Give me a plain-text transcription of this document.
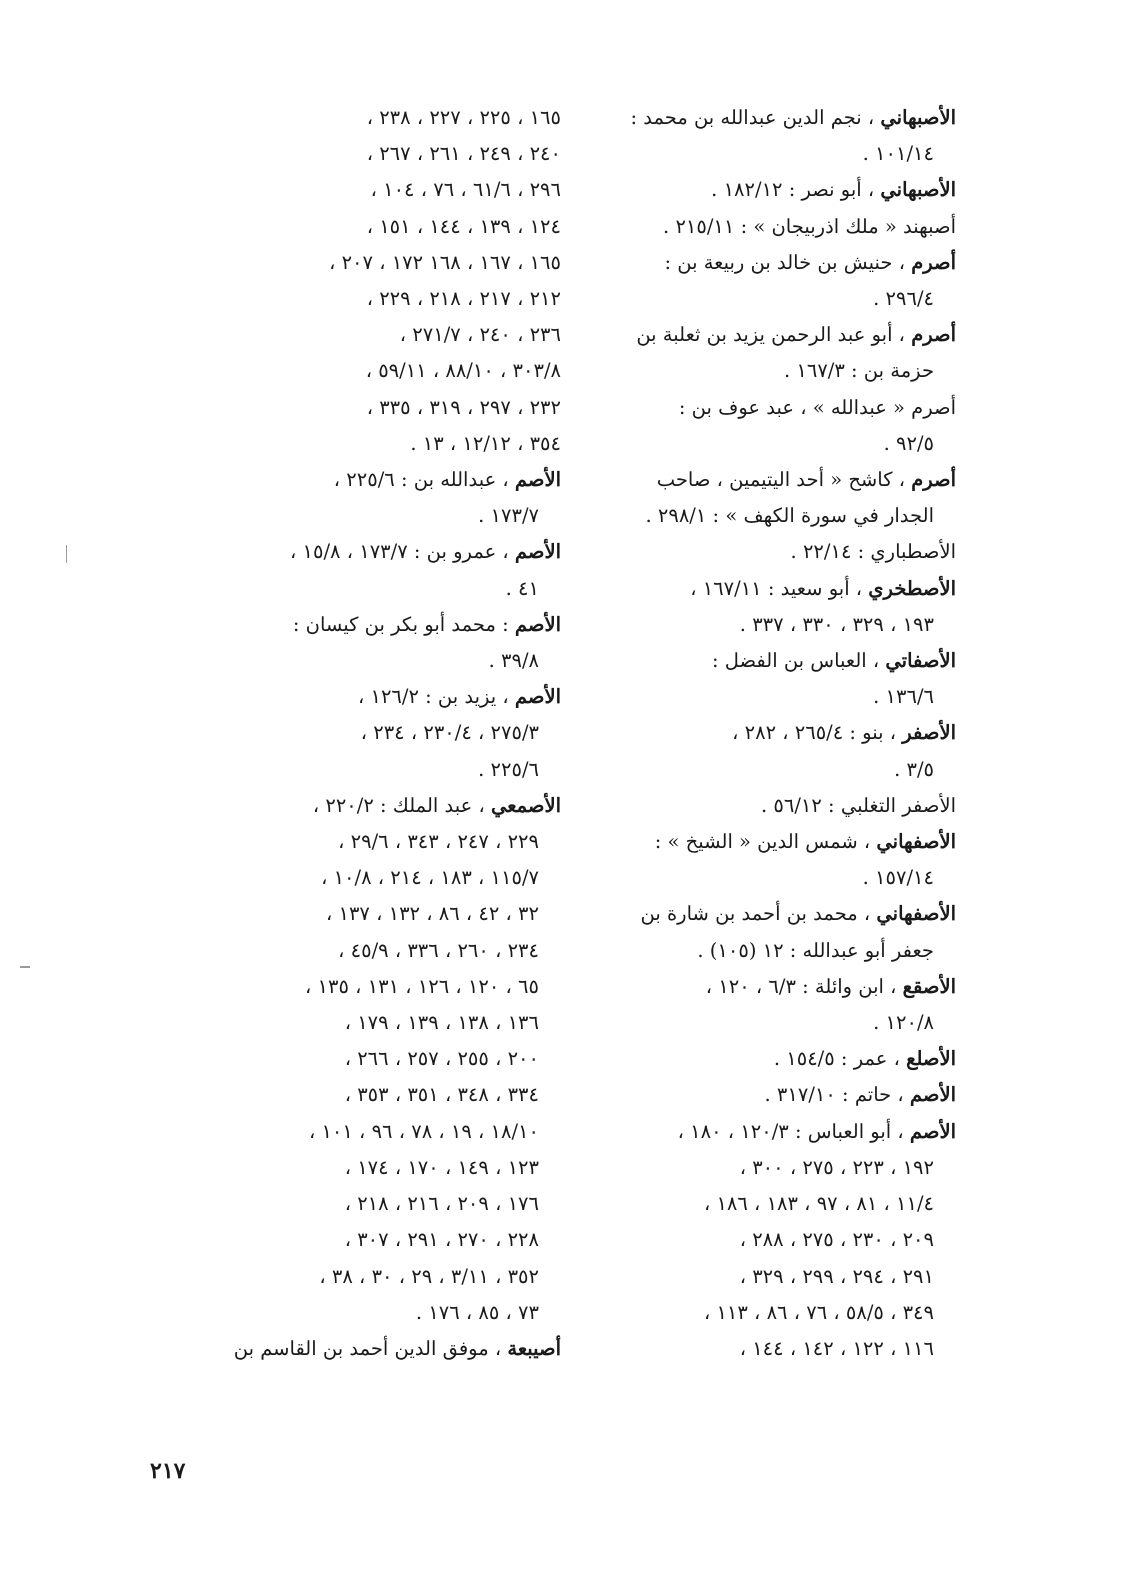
الأصبهاني ، نجم الدين عبدالله بن محمد :
١٠١/١٤ .
الأصبهاني ، أبو نصر : ١٨٢/١٢ .
أصبهند « ملك اذربيجان » : ٢١٥/١١ .
أصرم ، حنيش بن خالد بن ربيعة بن :
٢٩٦/٤ .
أصرم ، أبو عبد الرحمن يزيد بن ثعلبة بن
حزمة بن : ١٦٧/٣ .
أصرم « عبدالله » ، عبد عوف بن :
٩٢/٥ .
أصرم ، كاشح « أحد اليتيمين ، صاحب
الجدار في سورة الكهف » : ٢٩٨/١ .
الأصطباري : ٢٢/١٤ .
الأصطخري ، أبو سعيد : ١٦٧/١١ ،
١٩٣ ، ٣٢٩ ، ٣٣٠ ، ٣٣٧ .
الأصفاتي ، العباس بن الفضل :
١٣٦/٦ .
الأصفر ، بنو : ٢٦٥/٤ ، ٢٨٢ ،
٣/٥ .
الأصفر التغلبي : ٥٦/١٢ .
الأصفهاني ، شمس الدين « الشيخ » :
١٥٧/١٤ .
الأصفهاني ، محمد بن أحمد بن شارة بن
جعفر أبو عبدالله : ١٢ (١٠٥) .
الأصقع ، ابن وائلة : ٦/٣ ، ١٢٠ ،
١٢٠/٨ .
الأصلع ، عمر : ١٥٤/٥ .
الأصم ، حاتم : ٣١٧/١٠ .
الأصم ، أبو العباس : ١٢٠/٣ ، ١٨٠ ،
١٩٢ ، ٢٢٣ ، ٢٧٥ ، ٣٠٠ ،
١١/٤ ، ٨١ ، ٩٧ ، ١٨٣ ، ١٨٦ ،
٢٠٩ ، ٢٣٠ ، ٢٧٥ ، ٢٨٨ ،
٢٩١ ، ٢٩٤ ، ٢٩٩ ، ٣٢٩ ،
٣٤٩ ، ٥٨/٥ ، ٧٦ ، ٨٦ ، ١١٣ ،
١١٦ ، ١٢٢ ، ١٤٢ ، ١٤٤ ،
١٦٥ ، ٢٢٥ ، ٢٢٧ ، ٢٣٨ ،
٢٤٠ ، ٢٤٩ ، ٢٦١ ، ٢٦٧ ،
٢٩٦ ، ٦١/٦ ، ٧٦ ، ١٠٤ ،
١٢٤ ، ١٣٩ ، ١٤٤ ، ١٥١ ،
١٦٥ ، ١٦٧ ، ١٦٨ ١٧٢ ، ٢٠٧ ،
٢١٢ ، ٢١٧ ، ٢١٨ ، ٢٢٩ ،
٢٣٦ ، ٢٤٠ ، ٢٧١/٧ ،
٣٠٣/٨ ، ٨٨/١٠ ، ٥٩/١١ ،
٢٣٢ ، ٢٩٧ ، ٣١٩ ، ٣٣٥ ،
٣٥٤ ، ١٢/١٢ ، ١٣ .
الأصم ، عبدالله بن : ٢٢٥/٦ ،
١٧٣/٧ .
الأصم ، عمرو بن : ١٧٣/٧ ، ١٥/٨ ،
٤١ .
الأصم : محمد أبو بكر بن كيسان :
٣٩/٨ .
الأصم ، يزيد بن : ١٢٦/٢ ،
٢٧٥/٣ ، ٢٣٠/٤ ، ٢٣٤ ،
٢٢٥/٦ .
الأصمعي ، عبد الملك : ٢٢٠/٢ ،
٢٢٩ ، ٢٤٧ ، ٣٤٣ ، ٢٩/٦ ،
١١٥/٧ ، ١٨٣ ، ٢١٤ ، ١٠/٨ ،
٣٢ ، ٤٢ ، ٨٦ ، ١٣٢ ، ١٣٧ ،
٢٣٤ ، ٢٦٠ ، ٣٣٦ ، ٤٥/٩ ،
٦٥ ، ١٢٠ ، ١٢٦ ، ١٣١ ، ١٣٥ ،
١٣٦ ، ١٣٨ ، ١٣٩ ، ١٧٩ ،
٢٠٠ ، ٢٥٥ ، ٢٥٧ ، ٢٦٦ ،
٣٣٤ ، ٣٤٨ ، ٣٥١ ، ٣٥٣ ،
١٨/١٠ ، ١٩ ، ٧٨ ، ٩٦ ، ١٠١ ،
١٢٣ ، ١٤٩ ، ١٧٠ ، ١٧٤ ،
١٧٦ ، ٢٠٩ ، ٢١٦ ، ٢١٨ ،
٢٢٨ ، ٢٧٠ ، ٢٩١ ، ٣٠٧ ،
٣٥٢ ، ٣/١١ ، ٢٩ ، ٣٠ ، ٣٨ ،
٧٣ ، ٨٥ ، ١٧٦ .
أصيبعة ، موفق الدين أحمد بن القاسم بن
٢١٧
